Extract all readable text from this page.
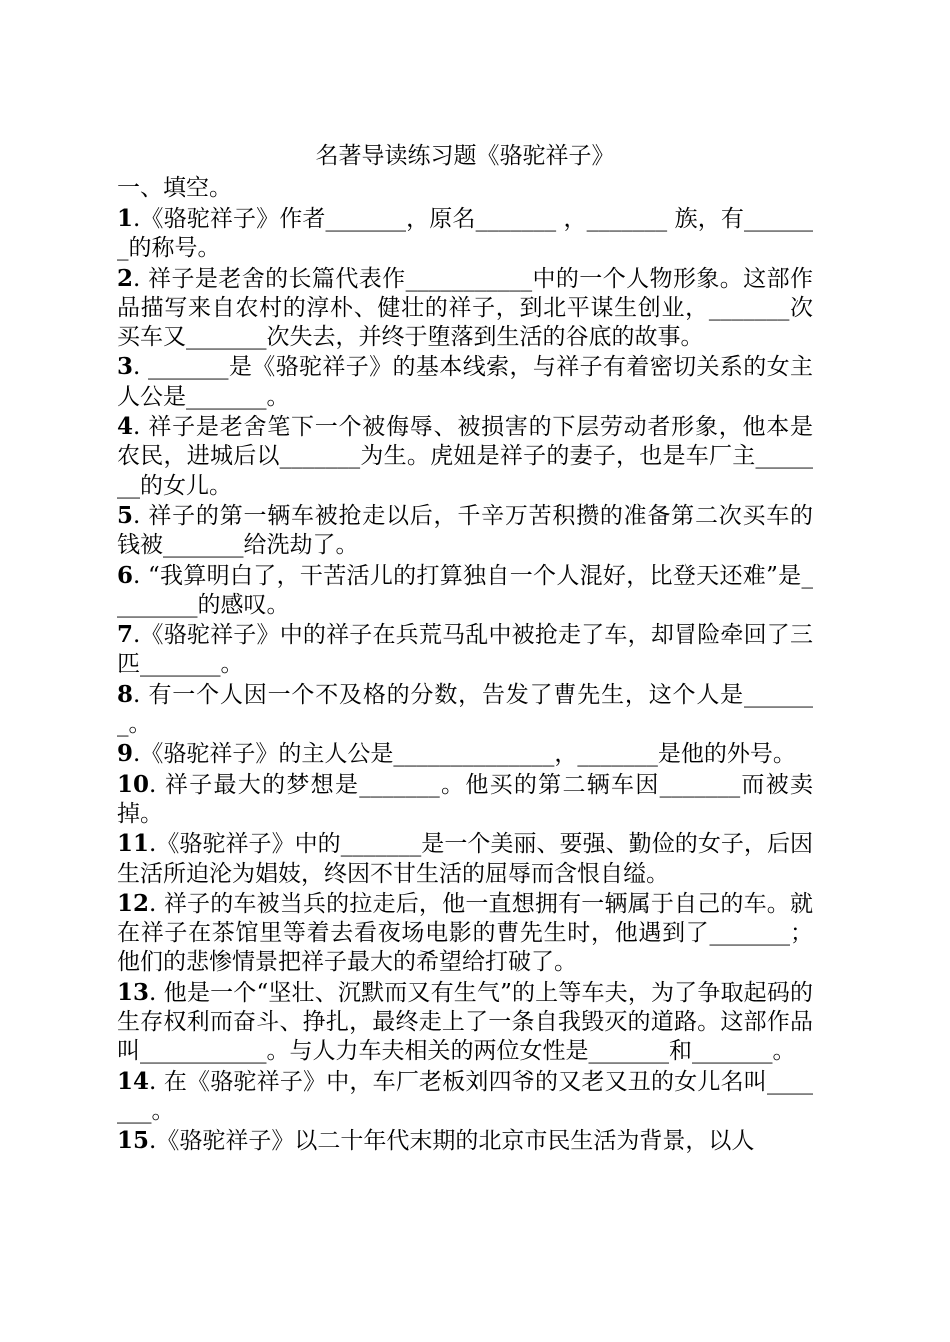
名著导读练习题《骆驼祥子》
一、填空。
1.《骆驼祥子》作者_______，原名_______ ，_______ 族，有_______的称号。
2. 祥子是老舍的长篇代表作___________中的一个人物形象。这部作品描写来自农村的淳朴、健壮的祥子，到北平谋生创业，_______次买车又_______次失去，并终于堕落到生活的谷底的故事。
3. _______是《骆驼祥子》的基本线索，与祥子有着密切关系的女主人公是_______。
4. 祥子是老舍笔下一个被侮辱、被损害的下层劳动者形象，他本是农民，进城后以_______为生。虎妞是祥子的妻子，也是车厂主_______的女儿。
5. 祥子的第一辆车被抢走以后，千辛万苦积攒的准备第二次买车的钱被_______给洗劫了。
6. “我算明白了，干苦活儿的打算独自一个人混好，比登天还难”是________的感叹。
7.《骆驼祥子》中的祥子在兵荒马乱中被抢走了车，却冒险牵回了三匹_______。
8. 有一个人因一个不及格的分数，告发了曹先生，这个人是_______。
9.《骆驼祥子》的主人公是______________，_______是他的外号。
10. 祥子最大的梦想是_______。他买的第二辆车因_______而被卖掉。
11.《骆驼祥子》中的_______是一个美丽、要强、勤俭的女子，后因生活所迫沦为娼妓，终因不甘生活的屈辱而含恨自缢。
12. 祥子的车被当兵的拉走后，他一直想拥有一辆属于自己的车。就在祥子在茶馆里等着去看夜场电影的曹先生时，他遇到了_______；他们的悲惨情景把祥子最大的希望给打破了。
13. 他是一个“坚壮、沉默而又有生气”的上等车夫，为了争取起码的生存权利而奋斗、挣扎，最终走上了一条自我毁灭的道路。这部作品叫___________。与人力车夫相关的两位女性是_______和_______。
14. 在《骆驼祥子》中，车厂老板刘四爷的又老又丑的女儿名叫_______。
15.《骆驼祥子》以二十年代末期的北京市民生活为背景，以人
